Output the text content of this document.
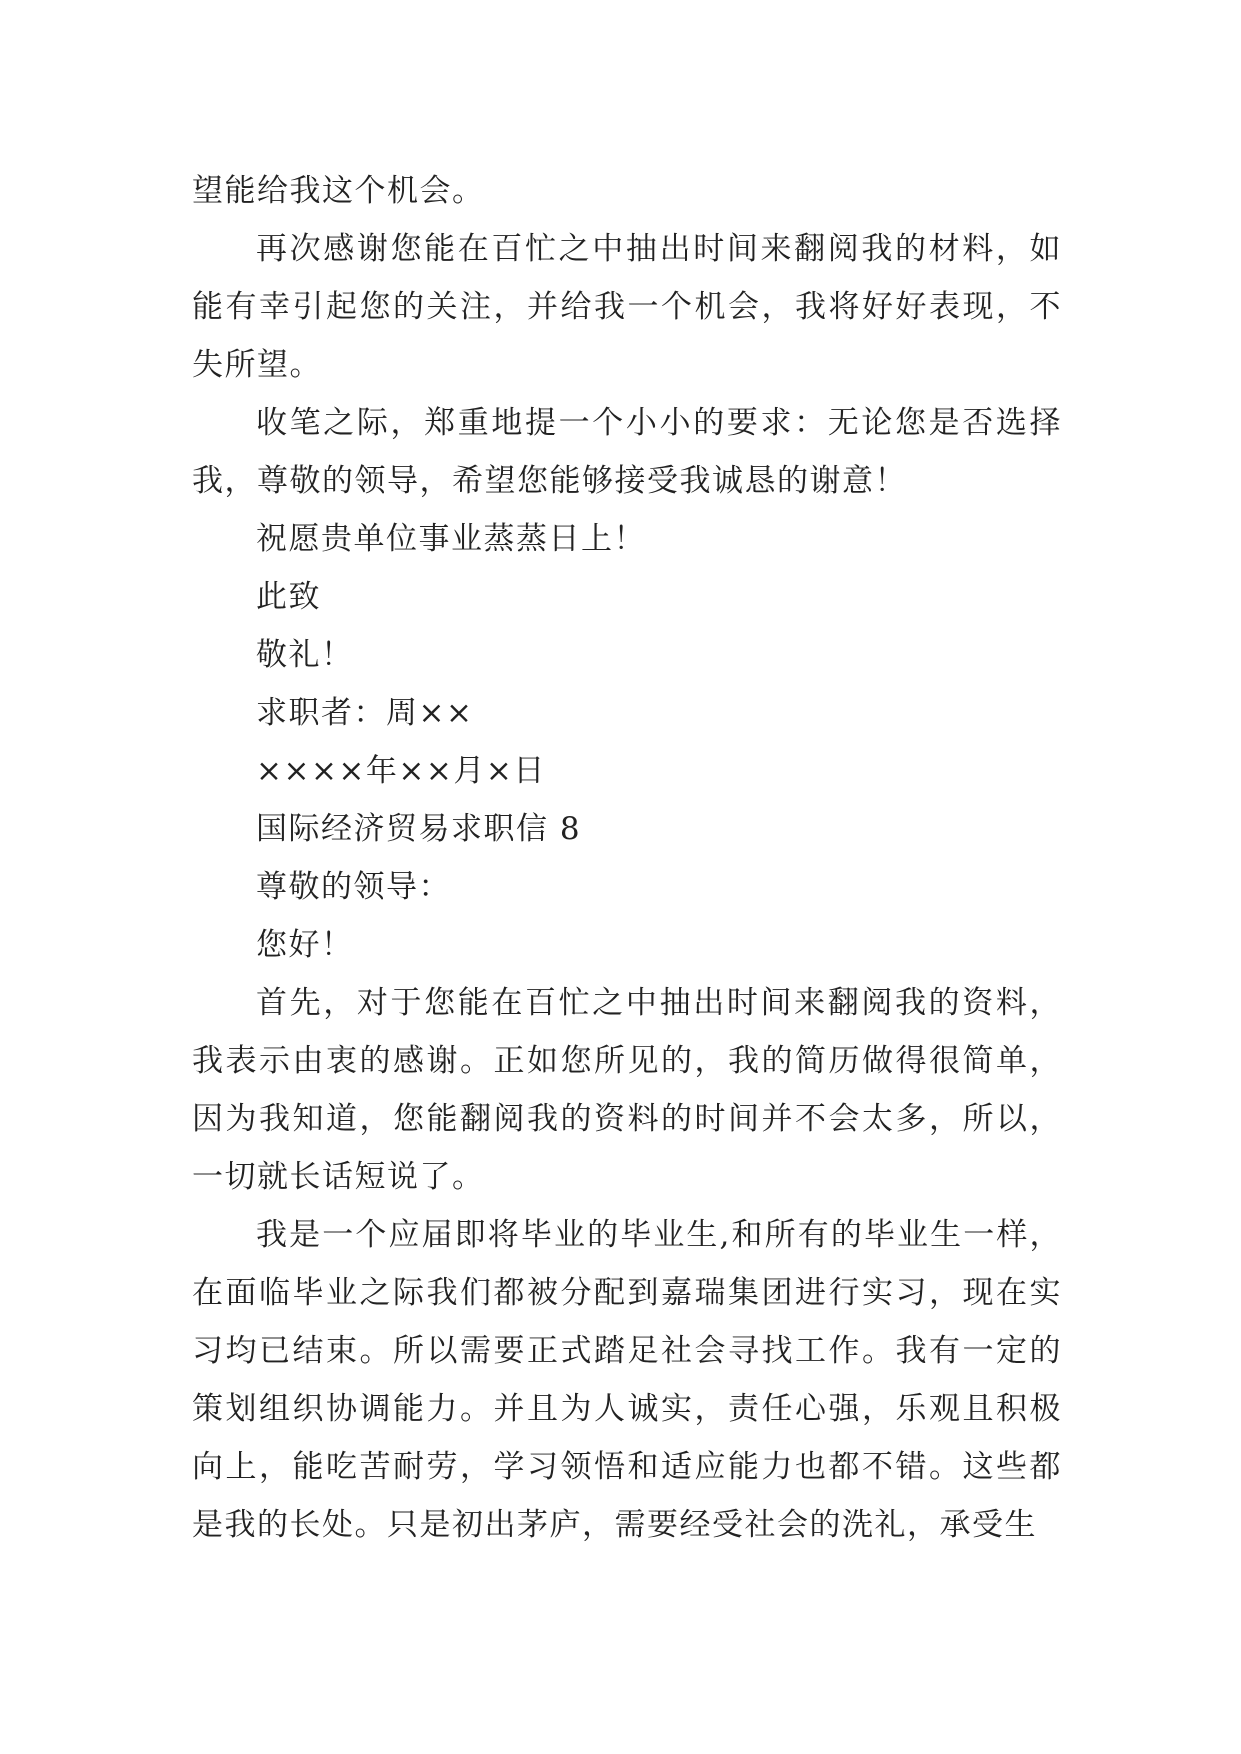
望能给我这个机会。

再次感谢您能在百忙之中抽出时间来翻阅我的材料，如能有幸引起您的关注，并给我一个机会，我将好好表现，不失所望。

收笔之际，郑重地提一个小小的要求：无论您是否选择我，尊敬的领导，希望您能够接受我诚恳的谢意！

祝愿贵单位事业蒸蒸日上！

此致

敬礼！

求职者：周××

××××年××月×日

国际经济贸易求职信 8

尊敬的领导：

您好！

首先，对于您能在百忙之中抽出时间来翻阅我的资料，我表示由衷的感谢。正如您所见的，我的简历做得很简单，因为我知道，您能翻阅我的资料的时间并不会太多，所以，一切就长话短说了。

我是一个应届即将毕业的毕业生,和所有的毕业生一样，在面临毕业之际我们都被分配到嘉瑞集团进行实习，现在实习均已结束。所以需要正式踏足社会寻找工作。我有一定的策划组织协调能力。并且为人诚实，责任心强，乐观且积极向上，能吃苦耐劳，学习领悟和适应能力也都不错。这些都是我的长处。只是初出茅庐，需要经受社会的洗礼，承受生
